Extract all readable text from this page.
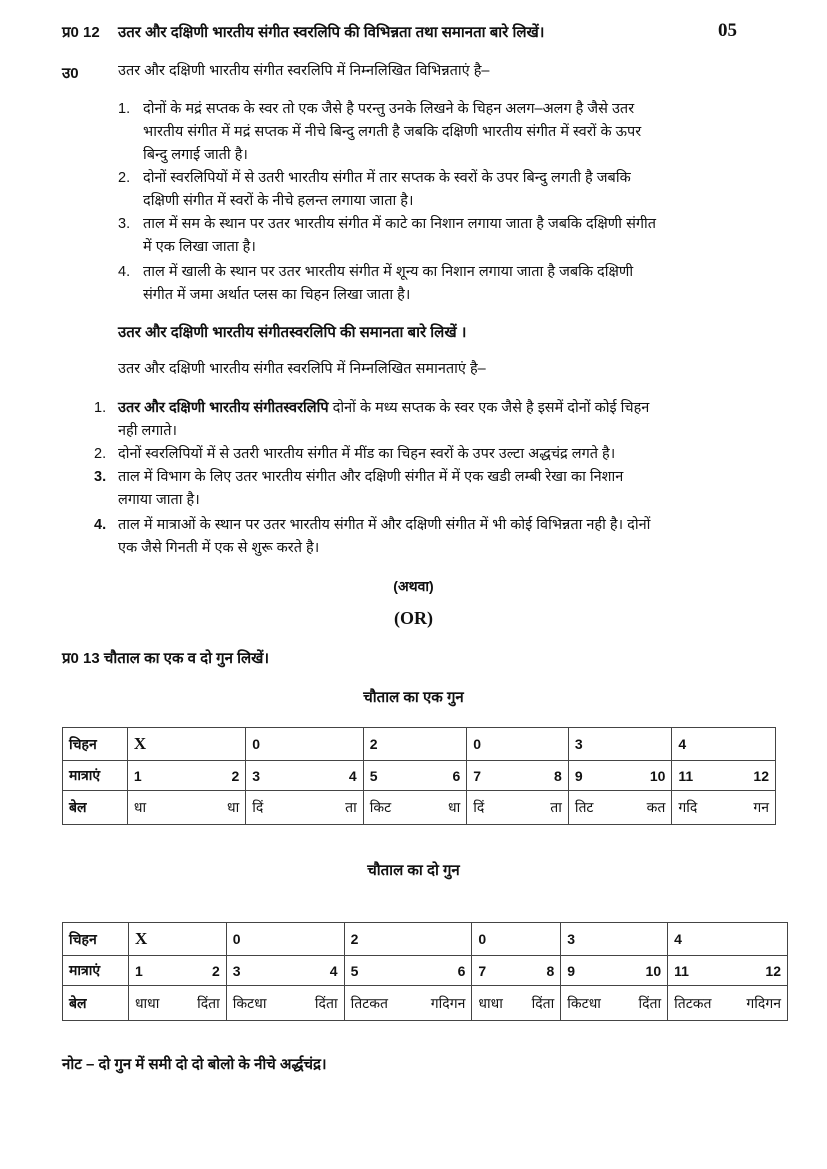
प्र0 12 उतर और दक्षिणी भारतीय संगीत स्वरलिपि की विभिन्नता तथा समानता बारे लिखें।	05
उ0	उतर और दक्षिणी भारतीय संगीत स्वरलिपि में निम्नलिखित विभिन्नताएं है–
1. दोनों के मद्रं सप्तक के स्वर तो एक जैसे है परन्तु उनके लिखने के चिहन अलग–अलग है जैसे उतर
भारतीय संगीत में मद्रं सप्तक में नीचे बिन्दु लगती है जबकि दक्षिणी भारतीय संगीत में स्वरों के ऊपर
बिन्दु लगाई जाती है।
2. दोनों स्वरलिपियों में से उतरी भारतीय संगीत में तार सप्तक के स्वरों के उपर बिन्दु लगती है जबकि
दक्षिणी संगीत में स्वरों के नीचे हलन्त लगाया जाता है।
3. ताल में सम के स्थान पर उतर भारतीय संगीत में काटे का निशान लगाया जाता है जबकि दक्षिणी संगीत
में एक लिखा जाता है।
4. ताल में खाली के स्थान पर उतर भारतीय संगीत में शून्य का निशान लगाया जाता है जबकि दक्षिणी
संगीत में जमा अर्थात प्लस का चिहन लिखा जाता है।
उतर और दक्षिणी भारतीय संगीतस्वरलिपि की समानता बारे लिखें ।
उतर और दक्षिणी भारतीय संगीत स्वरलिपि में निम्नलिखित समानताएं है–
1. उतर और दक्षिणी भारतीय संगीतस्वरलिपि दोनों के मध्य सप्तक के स्वर एक जैसे है इसमें दोनों कोई चिहन
नही लगाते।
2. दोनों स्वरलिपियों में से उतरी भारतीय संगीत में मींड का चिहन स्वरों के उपर उल्टा अद्धचंद्र लगते है।
3. ताल में विभाग के लिए उतर भारतीय संगीत और दक्षिणी संगीत में में एक खडी लम्बी रेखा का निशान
लगाया जाता है।
4. ताल में मात्राओं के स्थान पर उतर भारतीय संगीत में और दक्षिणी संगीत में भी कोई विभिन्नता नही है। दोनों
एक जैसे गिनती में एक से शुरू करते है।
(अथवा)
(OR)
प्र0 13 चौताल का एक व दो गुन लिखें।
चौताल का एक गुन
चिहन	X	0	2	0	3	4
मात्राएं	1 2	3 4	5 6	7 8	9 10	11 12

बेल	धा धा	दिं ता	किट धा	दिं ता	तिट कत	गदि गन
चौताल का दो गुन
चिहन	X	0	2	0	3	4
मात्राएं	1 2	3 4	5 6	7 8	9 10	11 12

बेल	धाधा दिंता	किटधा दिंता	तिटकत गदिगन	धाधा दिंता	किटधा दिंता	तिटकत गदिगन
नोट – दो गुन में समी दो दो बोलो के नीचे अर्द्धचंद्र।
